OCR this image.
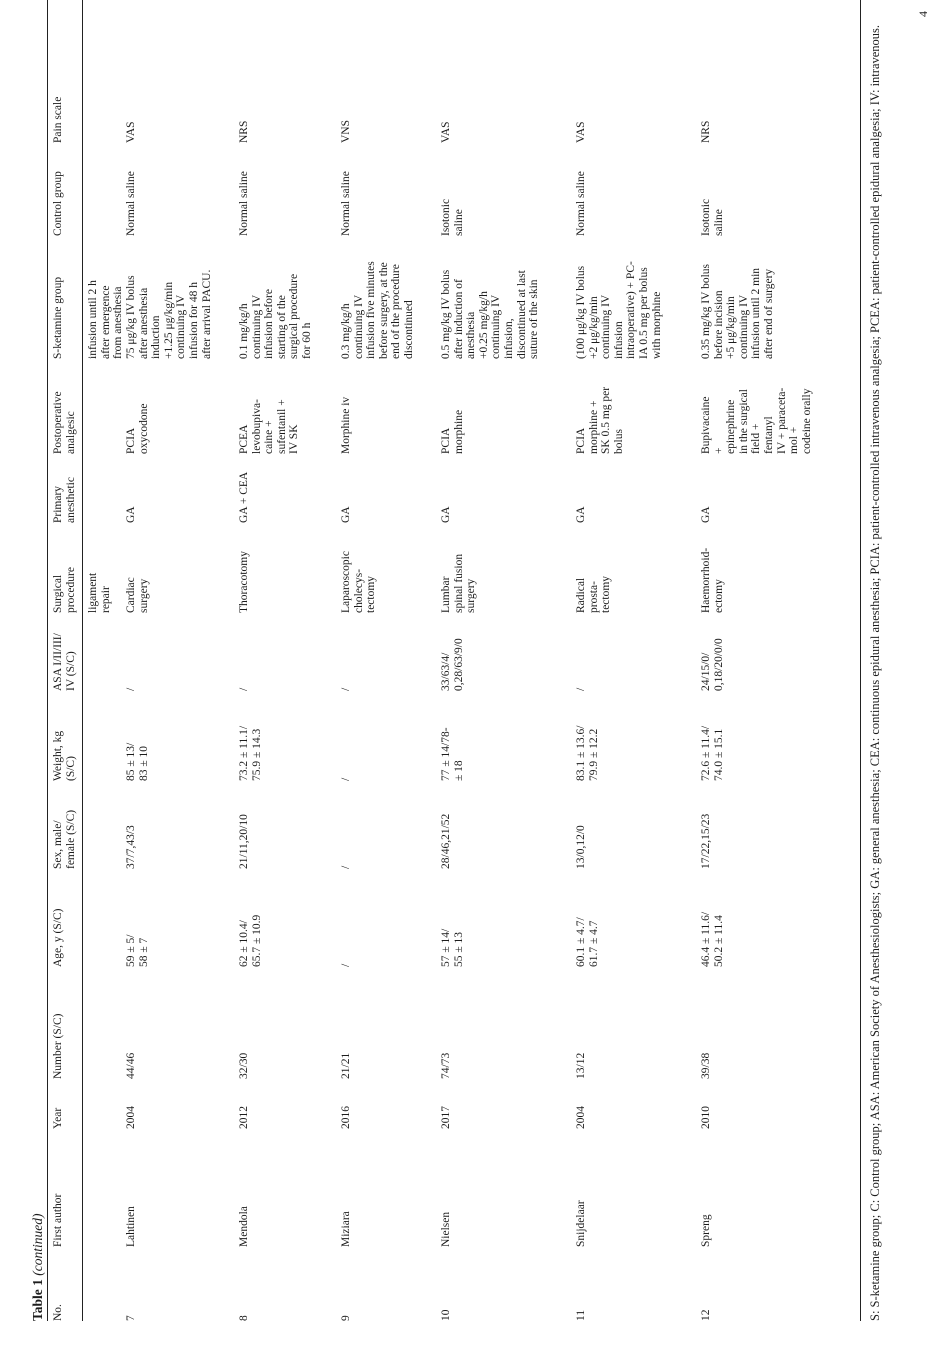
Table 1 (continued)
No.
First author
Year
Number (S/C)
Age, y (S/C)
Sex, male/
female (S/C)
Weight, kg
(S/C)
ASA I/II/III/
IV (S/C)
Surgical
procedure
Primary
anesthetic
Postoperative
analgesic
S-ketamine group
Control group
Pain scale
ligament
repair
infusion until 2 h
after emergence
from anesthesia
7
Lahtinen
2004
44/46
59 ± 5/
58 ± 7
37/7,43/3
85 ± 13/
83 ± 10
/
Cardiac
surgery
GA
PCIA
oxycodone
75 μg/kg IV bolus
after anesthesia
induction
+1.25 μg/kg/min
continuing IV
infusion for 48 h
after arrival PACU.
Normal saline
VAS
8
Mendola
2012
32/30
62 ± 10.4/
65.7 ± 10.9
21/11,20/10
73.2 ± 11.1/
75.9 ± 14.3
/
Thoracotomy
GA + CEA
PCEA
levobupiva-
caine +
sufentanil +
IV SK
0.1 mg/kg/h
continuing IV
infusion before
starting of the
surgical procedure
for 60 h
Normal saline
NRS
9
Miziara
2016
21/21
/
/
/
/
Laparoscopic
cholecys-
tectomy
GA
Morphine iv
0.3 mg/kg/h
continuing IV
infusion five minutes
before surgery, at the
end of the procedure
discontinued
Normal saline
VNS
10
Nielsen
2017
74/73
57 ± 14/
55 ± 13
28/46,21/52
77 ± 14/78-
± 18
33/63/4/
0,28/63/9/0
Lumbar
spinal fusion
surgery
GA
PCIA
morphine
0.5 mg/kg IV bolus
after induction of
anesthesia
+0.25 mg/kg/h
continuing IV
infusion,
discontinued at last
suture of the skin
Isotonic
saline
VAS
11
Snijdelaar
2004
13/12
60.1 ± 4.7/
61.7 ± 4.7
13/0,12/0
83.1 ± 13.6/
79.9 ± 12.2
/
Radical
prosta-
tectomy
GA
PCIA
morphine +
SK 0.5 mg per
bolus
(100 μg/kg IV bolus
+2 μg/kg/min
continuing IV
infusion
intraoperative) + PC-
IA 0.5 mg per bolus
with morphine
Normal saline
VAS
12
Spreng
2010
39/38
46.4 ± 11.6/
50.2 ± 11.4
17/22,15/23
72.6 ± 11.4/
74.0 ± 15.1
24/15/0/
0,18/20/0/0
Haemorrhoid-
ectomy
GA
Bupivacaine
+
epinephrine
in the surgical
field +
fentanyl
IV + paraceta-
mol +
codeine orally
0.35 mg/kg IV bolus
before incision
+5 μg/kg/min
continuing IV
infusion until 2 min
after end of surgery
Isotonic
saline
NRS	S: S-ketamine group; C: Control group; ASA: American Society of Anesthesiologists; GA: general anesthesia; CEA: continuous epidural anesthesia; PCIA: patient-controlled intravenous analgesia; PCEA: patient-controlled epidural analgesia; IV: intravenous.
4
